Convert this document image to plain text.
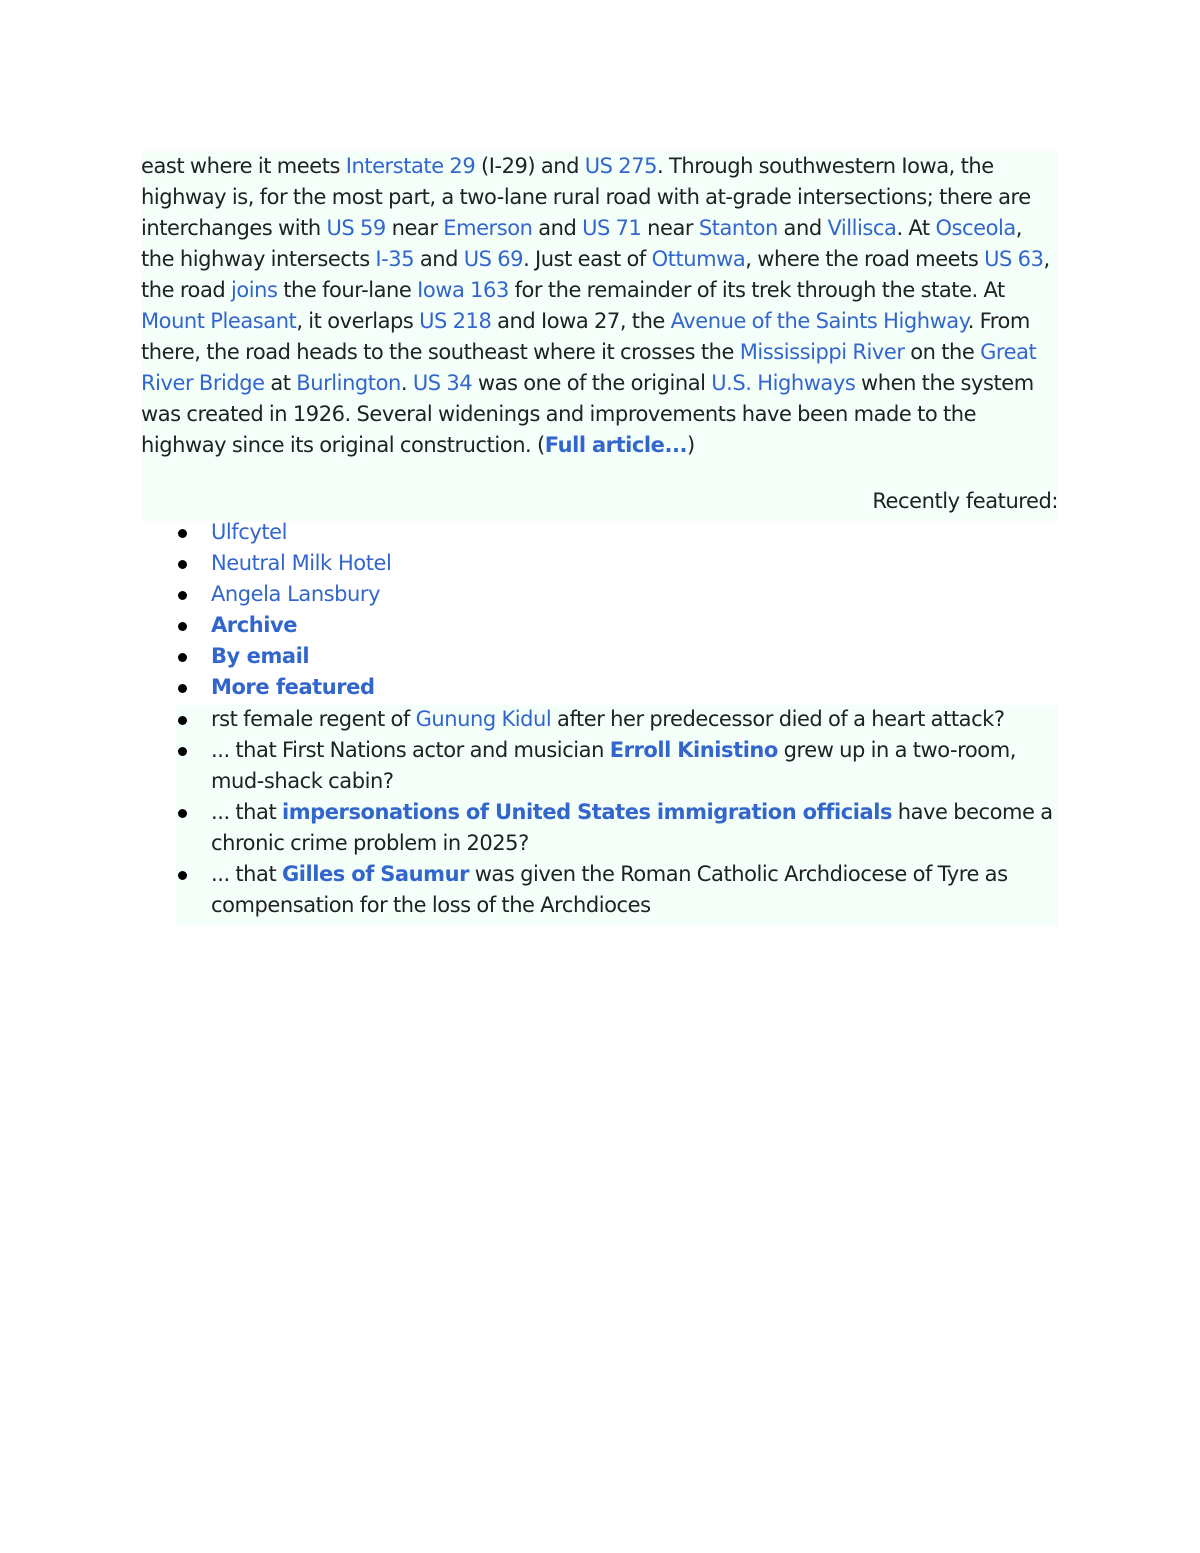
east where it meets Interstate 29 (I-29) and US 275. Through southwestern Iowa, the highway is, for the most part, a two-lane rural road with at-grade intersections; there are interchanges with US 59 near Emerson and US 71 near Stanton and Villisca. At Osceola, the highway intersects I-35 and US 69. Just east of Ottumwa, where the road meets US 63, the road joins the four-lane Iowa 163 for the remainder of its trek through the state. At Mount Pleasant, it overlaps US 218 and Iowa 27, the Avenue of the Saints Highway. From there, the road heads to the southeast where it crosses the Mississippi River on the Great River Bridge at Burlington. US 34 was one of the original U.S. Highways when the system was created in 1926. Several widenings and improvements have been made to the highway since its original construction. (Full article...)

Recently featured:

Ulfcytel
Neutral Milk Hotel
Angela Lansbury
Archive
By email
More featured
rst female regent of Gunung Kidul after her predecessor died of a heart attack?
... that First Nations actor and musician Erroll Kinistino grew up in a two-room, mud-shack cabin?
... that impersonations of United States immigration officials have become a chronic crime problem in 2025?
... that Gilles of Saumur was given the Roman Catholic Archdiocese of Tyre as compensation for the loss of the Archdioces
